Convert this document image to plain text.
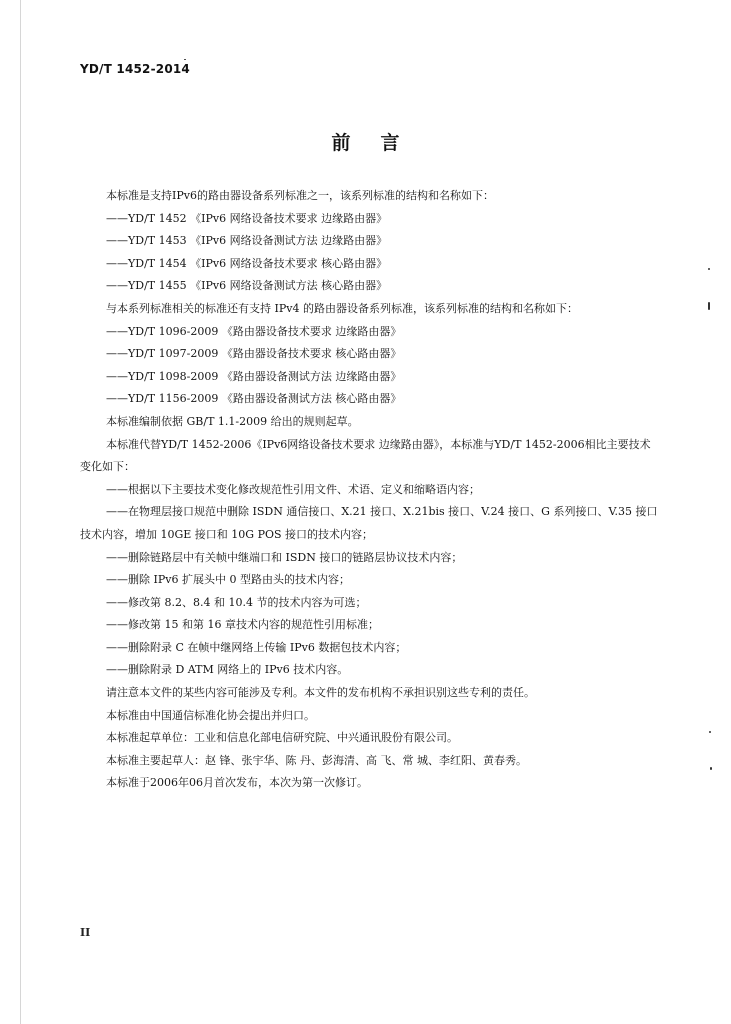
YD/T 1452-2014
前言
本标准是支持IPv6的路由器设备系列标准之一，该系列标准的结构和名称如下：
——YD/T 1452 《IPv6 网络设备技术要求 边缘路由器》
——YD/T 1453 《IPv6 网络设备测试方法 边缘路由器》
——YD/T 1454 《IPv6 网络设备技术要求 核心路由器》
——YD/T 1455 《IPv6 网络设备测试方法 核心路由器》
与本系列标准相关的标准还有支持 IPv4 的路由器设备系列标准，该系列标准的结构和名称如下：
——YD/T 1096-2009 《路由器设备技术要求 边缘路由器》
——YD/T 1097-2009 《路由器设备技术要求 核心路由器》
——YD/T 1098-2009 《路由器设备测试方法 边缘路由器》
——YD/T 1156-2009 《路由器设备测试方法 核心路由器》
本标准编制依据 GB/T 1.1-2009 给出的规则起草。
本标准代替YD/T 1452-2006《IPv6网络设备技术要求 边缘路由器》，本标准与YD/T 1452-2006相比主要技术变化如下：
——根据以下主要技术变化修改规范性引用文件、术语、定义和缩略语内容；
——在物理层接口规范中删除 ISDN 通信接口、X.21 接口、X.21bis 接口、V.24 接口、G 系列接口、V.35 接口技术内容，增加 10GE 接口和 10G POS 接口的技术内容；
——删除链路层中有关帧中继端口和 ISDN 接口的链路层协议技术内容；
——删除 IPv6 扩展头中 0 型路由头的技术内容；
——修改第 8.2、8.4 和 10.4 节的技术内容为可选；
——修改第 15 和第 16 章技术内容的规范性引用标准；
——删除附录 C 在帧中继网络上传输 IPv6 数据包技术内容；
——删除附录 D ATM 网络上的 IPv6 技术内容。
请注意本文件的某些内容可能涉及专利。本文件的发布机构不承担识别这些专利的责任。
本标准由中国通信标准化协会提出并归口。
本标准起草单位：工业和信息化部电信研究院、中兴通讯股份有限公司。
本标准主要起草人：赵 锋、张宇华、陈 丹、彭海清、高 飞、常 城、李红阳、黄春秀。
本标准于2006年06月首次发布，本次为第一次修订。
II
